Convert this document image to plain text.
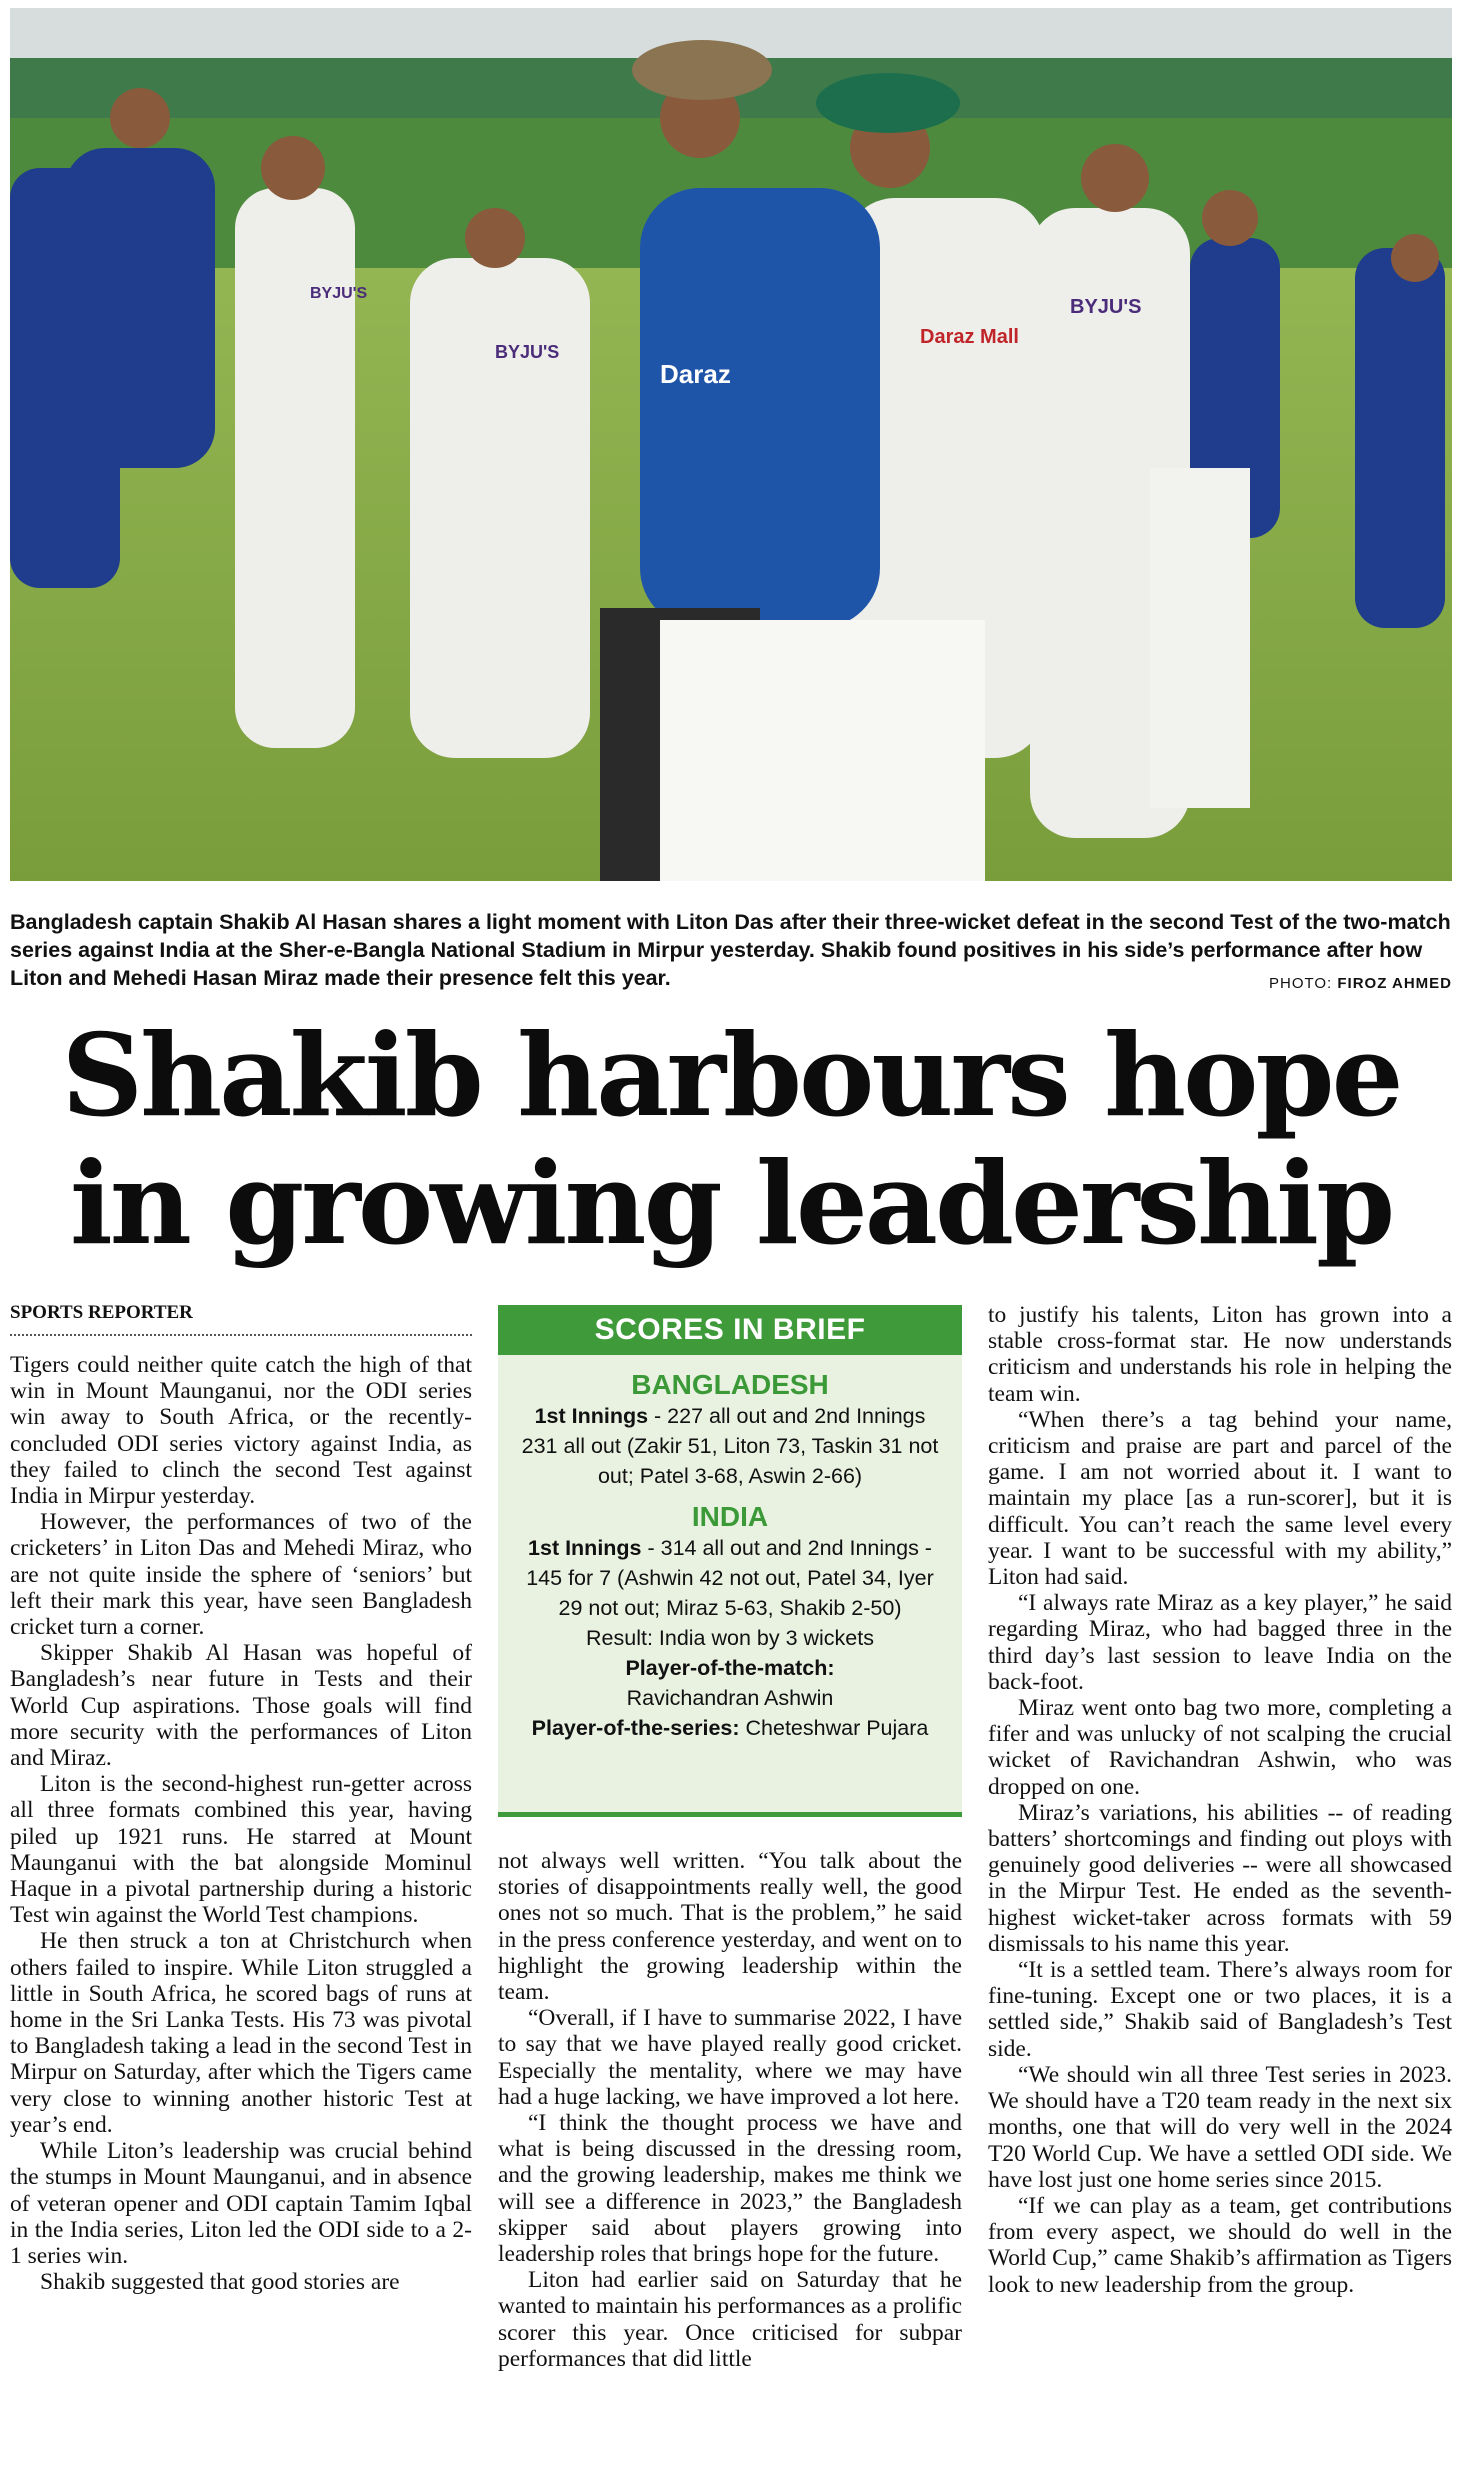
BYJU'S
BYJU'S
BYJU'S
Daraz
Daraz Mall
Bangladesh captain Shakib Al Hasan shares a light moment with Liton Das after their three-wicket defeat in the second Test of the two-match series against India at the Sher-e-Bangla National Stadium in Mirpur yesterday. Shakib found positives in his side’s performance after how Liton and Mehedi Hasan Miraz made their presence felt this year.	PHOTO: FIROZ AHMED
Shakib harbours hope
in growing leadership
SPORTS REPORTER

Tigers could neither quite catch the high of that win in Mount Maunganui, nor the ODI series win away to South Africa, or the recently-concluded ODI series victory against India, as they failed to clinch the second Test against India in Mirpur yesterday.

However, the performances of two of the cricketers’ in Liton Das and Mehedi Miraz, who are not quite inside the sphere of ‘seniors’ but left their mark this year, have seen Bangladesh cricket turn a corner.

Skipper Shakib Al Hasan was hopeful of Bangladesh’s near future in Tests and their World Cup aspirations. Those goals will find more security with the performances of Liton and Miraz.

Liton is the second-highest run-getter across all three formats combined this year, having piled up 1921 runs. He starred at Mount Maunganui with the bat alongside Mominul Haque in a pivotal partnership during a historic Test win against the World Test champions.

He then struck a ton at Christchurch when others failed to inspire. While Liton struggled a little in South Africa, he scored bags of runs at home in the Sri Lanka Tests. His 73 was pivotal to Bangladesh taking a lead in the second Test in Mirpur on Saturday, after which the Tigers came very close to winning another historic Test at year’s end.

While Liton’s leadership was crucial behind the stumps in Mount Maunganui, and in absence of veteran opener and ODI captain Tamim Iqbal in the India series, Liton led the ODI side to a 2-1 series win.

Shakib suggested that good stories are

SCORES IN BRIEF
BANGLADESH
1st Innings - 227 all out and 2nd Innings 231 all out (Zakir 51, Liton 73, Taskin 31 not out; Patel 3-68, Aswin 2-66)
INDIA
1st Innings - 314 all out and 2nd Innings - 145 for 7 (Ashwin 42 not out, Patel 34, Iyer 29 not out; Miraz 5-63, Shakib 2-50)
Result: India won by 3 wickets
Player-of-the-match:
Ravichandran Ashwin
Player-of-the-series: Cheteshwar Pujara

not always well written. “You talk about the stories of disappointments really well, the good ones not so much. That is the problem,” he said in the press conference yesterday, and went on to highlight the growing leadership within the team.

“Overall, if I have to summarise 2022, I have to say that we have played really good cricket. Especially the mentality, where we may have had a huge lacking, we have improved a lot here.

“I think the thought process we have and what is being discussed in the dressing room, and the growing leadership, makes me think we will see a difference in 2023,” the Bangladesh skipper said about players growing into leadership roles that brings hope for the future.

Liton had earlier said on Saturday that he wanted to maintain his performances as a prolific scorer this year. Once criticised for subpar performances that did little

to justify his talents, Liton has grown into a stable cross-format star. He now understands criticism and understands his role in helping the team win.

“When there’s a tag behind your name, criticism and praise are part and parcel of the game. I am not worried about it. I want to maintain my place [as a run-scorer], but it is difficult. You can’t reach the same level every year. I want to be successful with my ability,” Liton had said.

“I always rate Miraz as a key player,” he said regarding Miraz, who had bagged three in the third day’s last session to leave India on the back-foot.

Miraz went onto bag two more, completing a fifer and was unlucky of not scalping the crucial wicket of Ravichandran Ashwin, who was dropped on one.

Miraz’s variations, his abilities -- of reading batters’ shortcomings and finding out ploys with genuinely good deliveries -- were all showcased in the Mirpur Test. He ended as the seventh-highest wicket-taker across formats with 59 dismissals to his name this year.

“It is a settled team. There’s always room for fine-tuning. Except one or two places, it is a settled side,” Shakib said of Bangladesh’s Test side.

“We should win all three Test series in 2023. We should have a T20 team ready in the next six months, one that will do very well in the 2024 T20 World Cup. We have a settled ODI side. We have lost just one home series since 2015.

“If we can play as a team, get contributions from every aspect, we should do well in the World Cup,” came Shakib’s affirmation as Tigers look to new leadership from the group.
